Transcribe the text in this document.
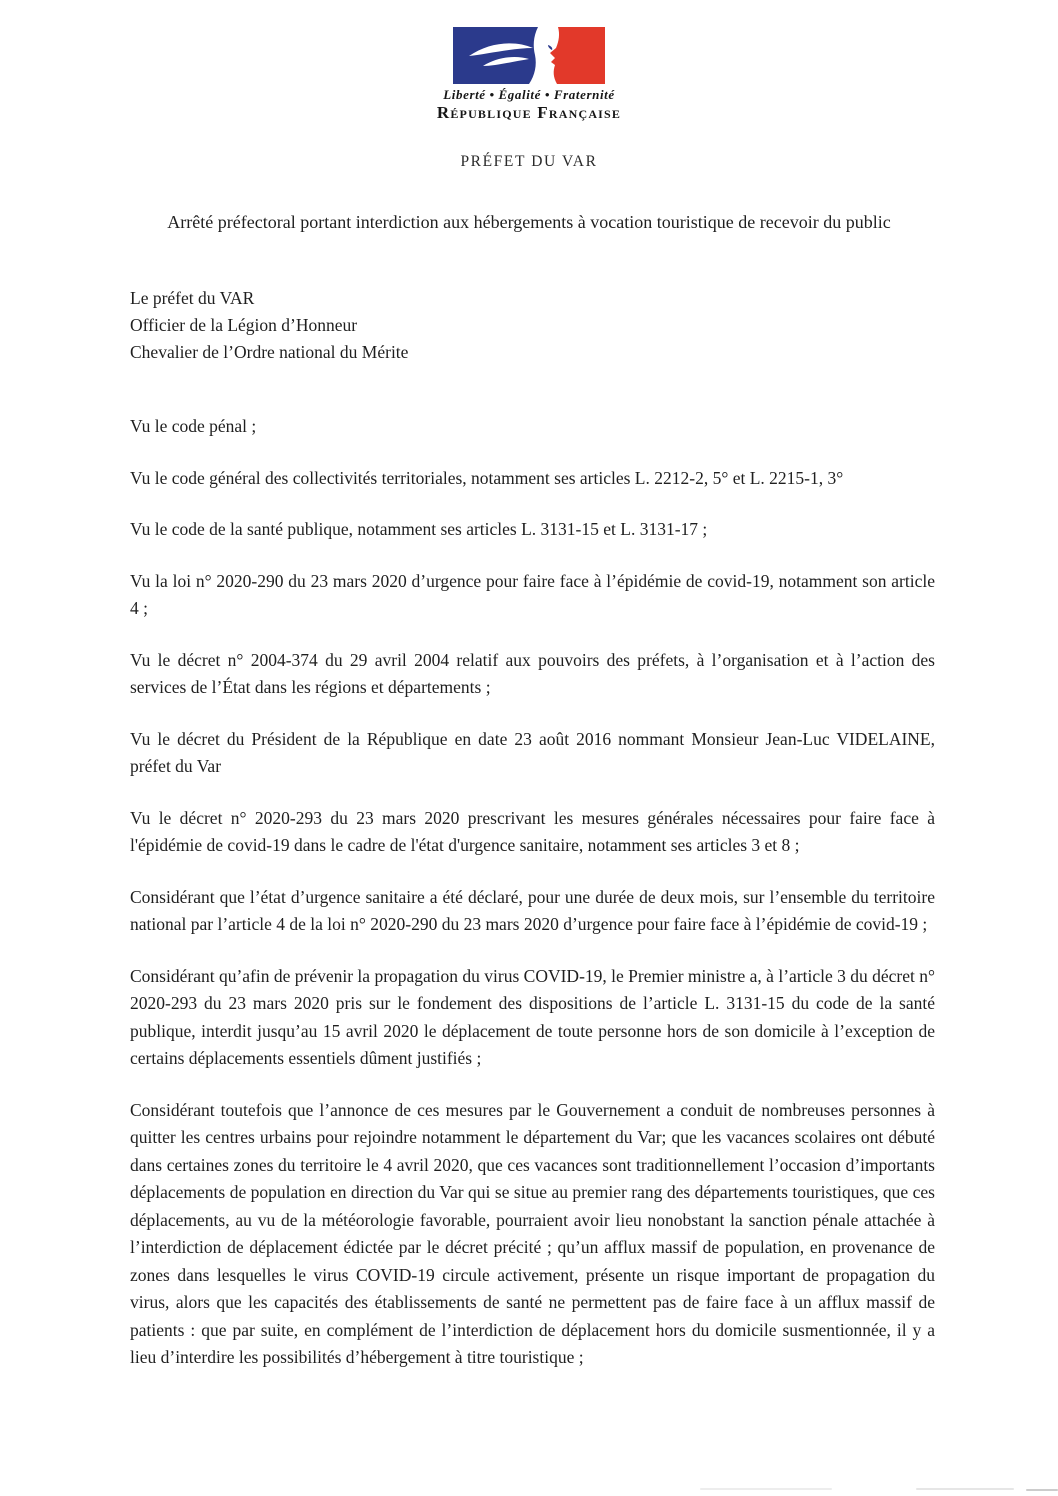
Liberté • Égalité • Fraternité
République Française
PRÉFET DU VAR
Arrêté préfectoral portant interdiction aux hébergements à vocation touristique de recevoir du public
Le préfet du VAR
Officier de la Légion d’Honneur
Chevalier de l’Ordre national du Mérite

Vu le code pénal ;

Vu le code général des collectivités territoriales, notamment ses articles L. 2212-2, 5° et L. 2215-1, 3°

Vu le code de la santé publique, notamment ses articles L. 3131-15 et L. 3131-17 ;

Vu la loi n° 2020-290 du 23 mars 2020 d’urgence pour faire face à l’épidémie de covid-19, notamment son article 4 ;

Vu le décret n° 2004-374 du 29 avril 2004 relatif aux pouvoirs des préfets, à l’organisation et à l’action des services de l’État dans les régions et départements ;

Vu le décret du Président de la République en date 23 août 2016 nommant Monsieur Jean-Luc VIDELAINE, préfet du Var

Vu le décret n° 2020-293 du 23 mars 2020 prescrivant les mesures générales nécessaires pour faire face à l'épidémie de covid-19 dans le cadre de l'état d'urgence sanitaire, notamment ses articles 3 et 8 ;

Considérant que l’état d’urgence sanitaire a été déclaré, pour une durée de deux mois, sur l’ensemble du territoire national par l’article 4 de la loi n° 2020-290 du 23 mars 2020 d’urgence pour faire face à l’épidémie de covid-19 ;

Considérant qu’afin de prévenir la propagation du virus COVID-19, le Premier ministre a, à l’article 3 du décret n° 2020-293 du 23 mars 2020 pris sur le fondement des dispositions de l’article L. 3131-15 du code de la santé publique, interdit jusqu’au 15 avril 2020 le déplacement de toute personne hors de son domicile à l’exception de certains déplacements essentiels dûment justifiés ;

Considérant toutefois que l’annonce de ces mesures par le Gouvernement a conduit de nombreuses personnes à quitter les centres urbains pour rejoindre notamment le département du Var; que les vacances scolaires ont débuté dans certaines zones du territoire le 4 avril 2020, que ces vacances sont traditionnellement l’occasion d’importants déplacements de population en direction du Var qui se situe au premier rang des départements touristiques, que ces déplacements, au vu de la météorologie favorable, pourraient avoir lieu nonobstant la sanction pénale attachée à l’interdiction de déplacement édictée par le décret précité ; qu’un afflux massif de population, en provenance de zones dans lesquelles le virus COVID-19 circule activement, présente un risque important de propagation du virus, alors que les capacités des établissements de santé ne permettent pas de faire face à un afflux massif de patients : que par suite, en complément de l’interdiction de déplacement hors du domicile susmentionnée, il y a lieu d’interdire les possibilités d’hébergement à titre touristique ;
